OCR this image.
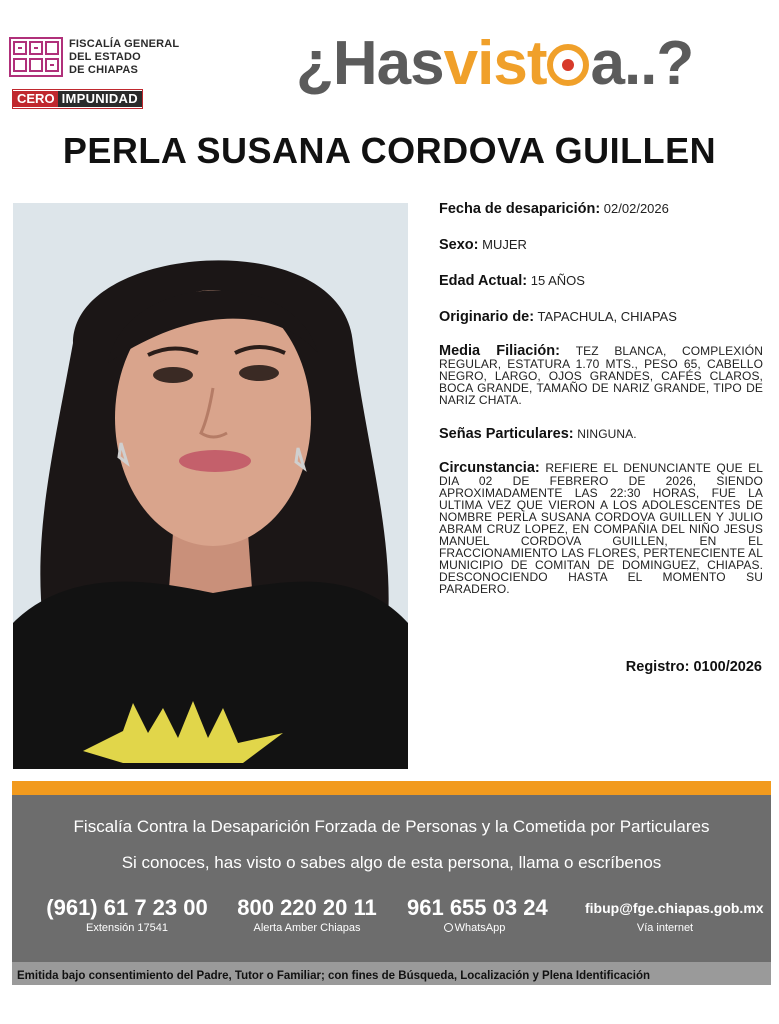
FISCALÍA GENERAL
DEL ESTADO
DE CHIAPAS
CERO IMPUNIDAD
¿Hasvist a..?
PERLA SUSANA CORDOVA GUILLEN
Fecha de desaparición: 02/02/2026
Sexo: MUJER
Edad Actual: 15 AÑOS
Originario de: TAPACHULA, CHIAPAS
Media Filiación: TEZ BLANCA, COMPLEXIÓN REGULAR, ESTATURA 1.70 MTS., PESO 65, CABELLO NEGRO, LARGO, OJOS GRANDES, CAFÉS CLAROS, BOCA GRANDE, TAMAÑO DE NARIZ GRANDE, TIPO DE NARIZ CHATA.
Señas Particulares: NINGUNA.
Circunstancia: REFIERE EL DENUNCIANTE QUE EL DIA 02 DE FEBRERO DE 2026, SIENDO APROXIMADAMENTE LAS 22:30 HORAS, FUE LA ULTIMA VEZ QUE VIERON A LOS ADOLESCENTES DE NOMBRE PERLA SUSANA CORDOVA GUILLEN Y JULIO ABRAM CRUZ LOPEZ, EN COMPAÑIA DEL NIÑO JESUS MANUEL CORDOVA GUILLEN, EN EL FRACCIONAMIENTO LAS FLORES, PERTENECIENTE AL MUNICIPIO DE COMITAN DE DOMINGUEZ, CHIAPAS. DESCONOCIENDO HASTA EL MOMENTO SU PARADERO.
Registro: 0100/2026
Fiscalía Contra la Desaparición Forzada de Personas y la Cometida por Particulares
Si conoces, has visto o sabes algo de esta persona, llama o escríbenos
(961) 61 7 23 00
Extensión 17541
800 220 20 11
Alerta Amber Chiapas
961 655 03 24
WhatsApp
fibup@fge.chiapas.gob.mx
Vía internet
Emitida bajo consentimiento del Padre, Tutor o Familiar; con fines de Búsqueda, Localización y Plena Identificación
